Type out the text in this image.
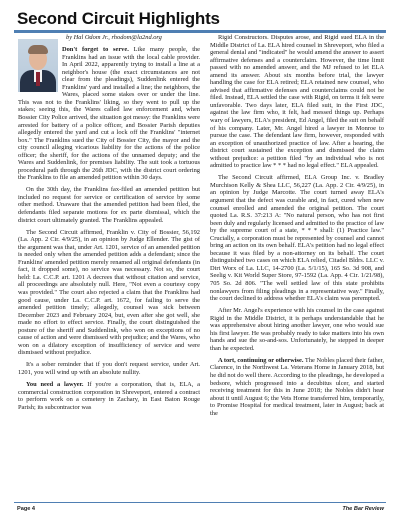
Second Circuit Highlights

by Hal Odom Jr., rhodom@la2nd.org

Don't forget to serve. Like many people, the Franklins had an issue with the local cable provider. In April 2022, apparently trying to install a line at a neighbor's house (the exact circumstances are not clear from the pleadings), Suddenlink entered the Franklins' yard and installed a line; the neighbors, the Wares, placed some stakes over or under the line. This was not to the Franklins' liking, so they went to pull up the stakes; seeing this, the Wares called law enforcement and, when Bossier City Police arrived, the situation got messy: the Franklins were arrested for battery of a police officer, and Bossier Parish deputies allegedly entered the yard and cut a lock off the Franklins' "internet box." The Franklins sued the City of Bossier City, the mayor and the city council alleging vicarious liability for the actions of the police officer; the sheriff, for the actions of the unnamed deputy; and the Wares and Suddenlink, for premises liability. The suit took a tortuous procedural path through the 26th JDC, with the district court ordering the Franklins to file an amended petition within 30 days.

On the 30th day, the Franklins fax-filed an amended petition but included no request for service or certification of service by some other method. Unaware that the amended petition had been filed, the defendants filed separate motions for ex parte dismissal, which the district court ultimately granted. The Franklins appealed.

The Second Circuit affirmed, Franklin v. City of Bossier, 56,192 (La. App. 2 Cir. 4/9/25), in an opinion by Judge Ellender. The gist of the argument was that, under Art. 1201, service of an amended petition is needed only when the amended petition adds a defendant; since the Franklins' amended petition merely renamed all original defendants (in fact, it dropped some), no service was necessary. Not so, the court held: La. C.C.P. art. 1201 A decrees that without citation and service, all proceedings are absolutely null. Here, "Not even a courtesy copy was provided." The court also rejected a claim that the Franklins had good cause, under La. C.C.P. art. 1672, for failing to serve the amended petition timely; allegedly, counsel was sick between December 2023 and February 2024, but, even after she got well, she made no effort to effect service. Finally, the court distinguished the posture of the sheriff and Suddenlink, who won on exceptions of no cause of action and were dismissed with prejudice; and the Wares, who won on a dilatory exception of insufficiency of service and were dismissed without prejudice.

It's a sober reminder that if you don't request service, under Art. 1201, you will wind up with an absolute nullity.

You need a lawyer. If you're a corporation, that is, ELA, a commercial construction corporation in Shreveport, entered a contract to perform work on a cemetery in Zachary, in East Baton Rouge Parish; its subcontractor was

Rigid Constructors. Disputes arose, and Rigid sued ELA in the Middle District of La. ELA hired counsel in Shreveport, who filed a general denial and "indicated" he would amend the answer to assert affirmative defenses and a counterclaim. However, the time limit passed with no amended answer, and the MJ refused to let ELA amend its answer. About six months before trial, the lawyer handling the case for ELA retired; ELA retained new counsel, who advised that affirmative defenses and counterclaims could not be filed. Instead, ELA settled the case with Rigid, on terms it felt were unfavorable. Two days later, ELA filed suit, in the First JDC, against the law firm who, it felt, had messed things up. Perhaps wary of lawyers, ELA's president, Ed Angel, filed the suit on behalf of his company. Later, Mr. Angel hired a lawyer in Monroe to pursue the case. The defendant law firm, however, responded with an exception of unauthorized practice of law. After a hearing, the district court sustained the exception and dismissed the claim without prejudice: a petition filed "by an individual who is not admitted to practice law * * * had no legal effect." ELA appealed.

The Second Circuit affirmed, ELA Group Inc. v. Bradley Murchison Kelly & Shea LLC, 56,227 (La. App. 2 Cir. 4/9/25), in an opinion by Judge Marcotte. The court turned away ELA's argument that the defect was curable and, in fact, cured when new counsel enrolled and amended the original petition. The court quoted La. R.S. 37:213 A: "No natural person, who has not first been duly and regularly licensed and admitted to the practice of law by the supreme court of a state, * * * shall: (1) Practice law." Crucially, a corporation must be represented by counsel and cannot bring an action on its own behalf. ELA's petition had no legal effect because it was filed by a non-attorney on its behalf. The court distinguished two cases on which ELA relied, Citadel Bldrs. LLC v. Dirt Worx of La. LLC, 14-2700 (La. 5/1/15), 165 So. 3d 908, and Seelig v. Kit World Super Store, 97-1592 (La. App. 4 Cir. 1/21/98), 705 So. 2d 806. "The well settled law of this state prohibits nonlawyers from filing pleadings in a representative way." Finally, the court declined to address whether ELA's claim was perempted.

After Mr. Angel's experience with his counsel in the case against Rigid in the Middle District, it is perhaps understandable that he was apprehensive about hiring another lawyer, one who would sue his first lawyer. He was probably ready to take matters into his own hands and sue the so-and-sos. Unfortunately, he stepped in deeper than he expected.

A tort, continuing or otherwise. The Nobles placed their father, Clarence, in the Northwest La. Veterans Home in January 2018, but he did not do well there. According to the pleadings, he developed a bedsore, which progressed into a decubitus ulcer, and started receiving treatment for this in June 2018; the Nobles didn't hear about it until August 6; the Vets Home transferred him, temporarily, to Promise Hospital for medical treatment, later in August; back at the

Page 4	The Bar Review
